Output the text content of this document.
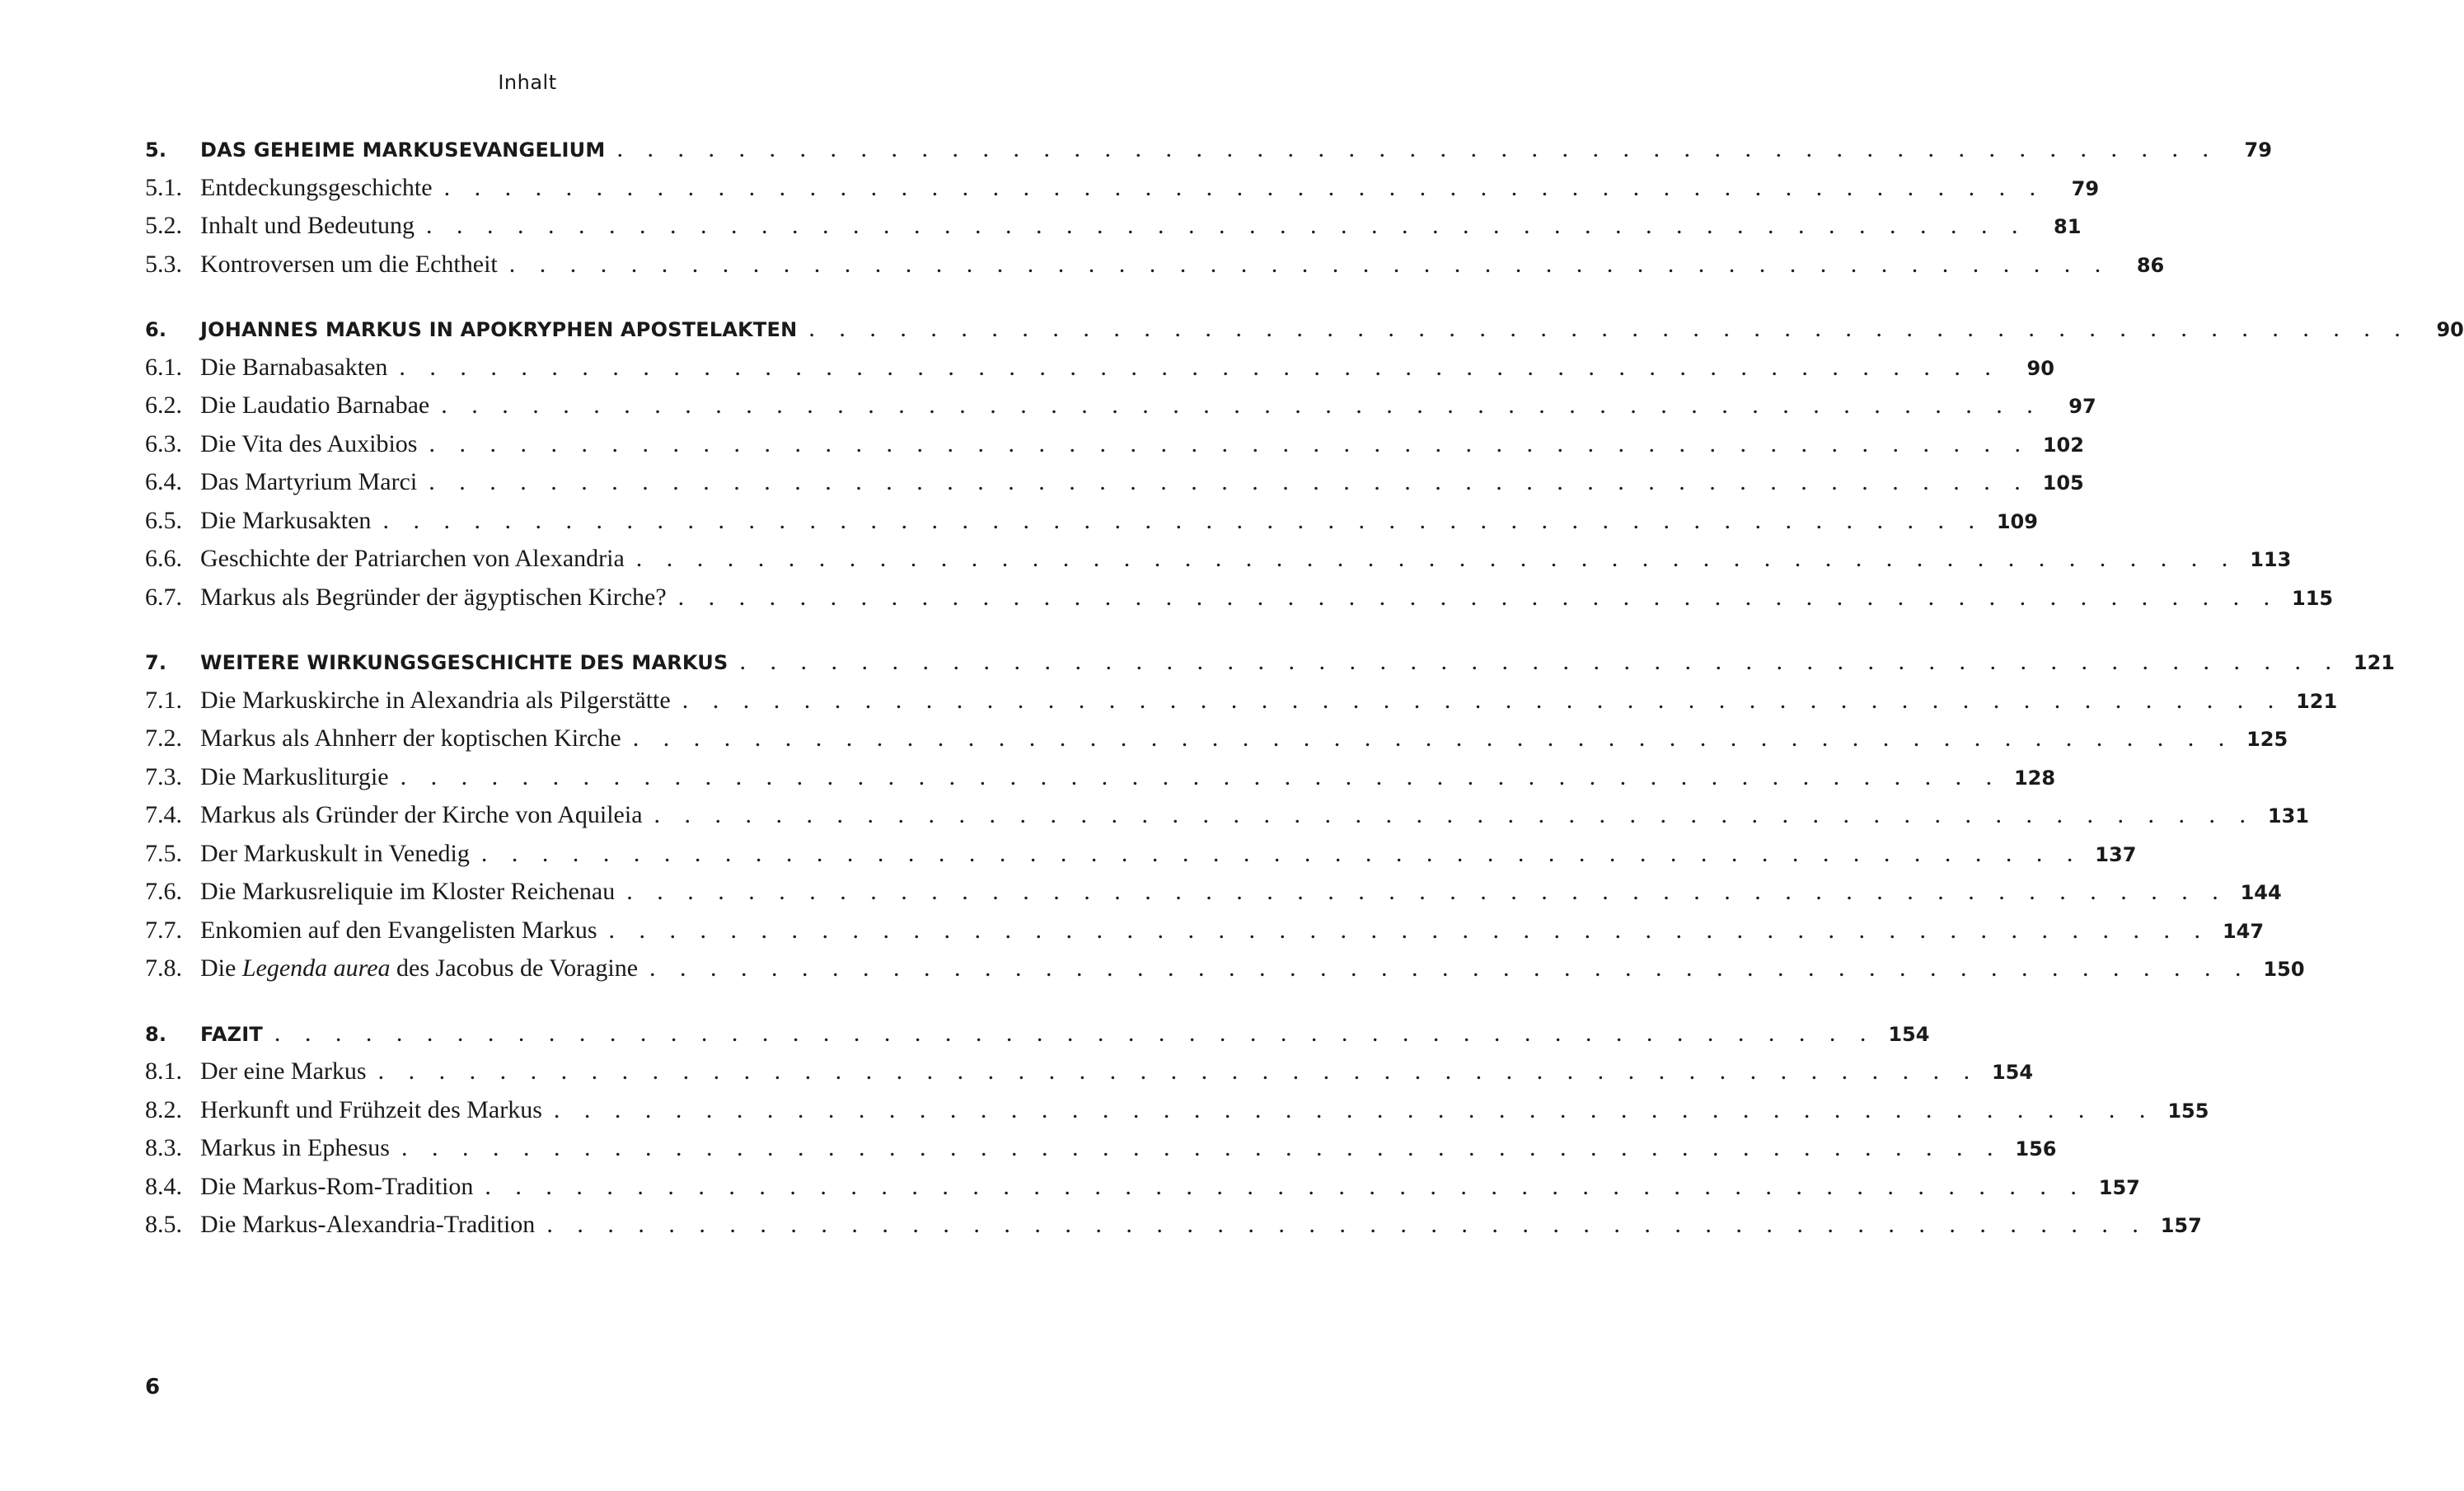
Inhalt
5.	DAS GEHEIME MARKUSEVANGELIUM . . . . . . . . . . . . . . . . . . . . . . . . . . . . . . . . . . . . . . . . . . . . . . . . . . . . .	79
5.1. Entdeckungsgeschichte . . . . . . . . . . . . . . . . . . . . . . . . . . . . . . . . . . . . . . . . . . . . . . . . . . . . .	79
5.2. Inhalt und Bedeutung . . . . . . . . . . . . . . . . . . . . . . . . . . . . . . . . . . . . . . . . . . . . . . . . . . . . .	81
5.3. Kontroversen um die Echtheit . . . . . . . . . . . . . . . . . . . . . . . . . . . . . . . . . . . . . . . . . . . . . . . . . . . . .	86
6.	JOHANNES MARKUS IN APOKRYPHEN APOSTELAKTEN . . . . . . . . . . . . . . . . . . . . . . . . . . . . . . . . . . . . . . . . . . . . . . . . . . . . .	90
6.1. Die Barnabasakten . . . . . . . . . . . . . . . . . . . . . . . . . . . . . . . . . . . . . . . . . . . . . . . . . . . . .	90
6.2. Die Laudatio Barnabae . . . . . . . . . . . . . . . . . . . . . . . . . . . . . . . . . . . . . . . . . . . . . . . . . . . . .	97
6.3. Die Vita des Auxibios . . . . . . . . . . . . . . . . . . . . . . . . . . . . . . . . . . . . . . . . . . . . . . . . . . . . . 102
6.4. Das Martyrium Marci . . . . . . . . . . . . . . . . . . . . . . . . . . . . . . . . . . . . . . . . . . . . . . . . . . . . . 105
6.5. Die Markusakten . . . . . . . . . . . . . . . . . . . . . . . . . . . . . . . . . . . . . . . . . . . . . . . . . . . . . 109
6.6. Geschichte der Patriarchen von Alexandria . . . . . . . . . . . . . . . . . . . . . . . . . . . . . . . . . . . . . . . . . . . . . . . . . . . . . 113
6.7. Markus als Begründer der ägyptischen Kirche? . . . . . . . . . . . . . . . . . . . . . . . . . . . . . . . . . . . . . . . . . . . . . . . . . . . . . 115
7.	WEITERE WIRKUNGSGESCHICHTE DES MARKUS . . . . . . . . . . . . . . . . . . . . . . . . . . . . . . . . . . . . . . . . . . . . . . . . . . . . . 121
7.1. Die Markuskirche in Alexandria als Pilgerstätte . . . . . . . . . . . . . . . . . . . . . . . . . . . . . . . . . . . . . . . . . . . . . . . . . . . . . 121
7.2. Markus als Ahnherr der koptischen Kirche . . . . . . . . . . . . . . . . . . . . . . . . . . . . . . . . . . . . . . . . . . . . . . . . . . . . . 125
7.3. Die Markusliturgie . . . . . . . . . . . . . . . . . . . . . . . . . . . . . . . . . . . . . . . . . . . . . . . . . . . . . 128
7.4. Markus als Gründer der Kirche von Aquileia . . . . . . . . . . . . . . . . . . . . . . . . . . . . . . . . . . . . . . . . . . . . . . . . . . . . . 131
7.5. Der Markuskult in Venedig . . . . . . . . . . . . . . . . . . . . . . . . . . . . . . . . . . . . . . . . . . . . . . . . . . . . . 137
7.6. Die Markusreliquie im Kloster Reichenau . . . . . . . . . . . . . . . . . . . . . . . . . . . . . . . . . . . . . . . . . . . . . . . . . . . . . 144
7.7. Enkomien auf den Evangelisten Markus . . . . . . . . . . . . . . . . . . . . . . . . . . . . . . . . . . . . . . . . . . . . . . . . . . . . . 147
7.8. Die Legenda aurea des Jacobus de Voragine . . . . . . . . . . . . . . . . . . . . . . . . . . . . . . . . . . . . . . . . . . . . . . . . . . . . . 150
8.	FAZIT . . . . . . . . . . . . . . . . . . . . . . . . . . . . . . . . . . . . . . . . . . . . . . . . . . . . . 154
8.1. Der eine Markus . . . . . . . . . . . . . . . . . . . . . . . . . . . . . . . . . . . . . . . . . . . . . . . . . . . . . 154
8.2. Herkunft und Frühzeit des Markus . . . . . . . . . . . . . . . . . . . . . . . . . . . . . . . . . . . . . . . . . . . . . . . . . . . . . 155
8.3. Markus in Ephesus . . . . . . . . . . . . . . . . . . . . . . . . . . . . . . . . . . . . . . . . . . . . . . . . . . . . . 156
8.4. Die Markus-Rom-Tradition . . . . . . . . . . . . . . . . . . . . . . . . . . . . . . . . . . . . . . . . . . . . . . . . . . . . . 157
8.5. Die Markus-Alexandria-Tradition . . . . . . . . . . . . . . . . . . . . . . . . . . . . . . . . . . . . . . . . . . . . . . . . . . . . . 157
6
